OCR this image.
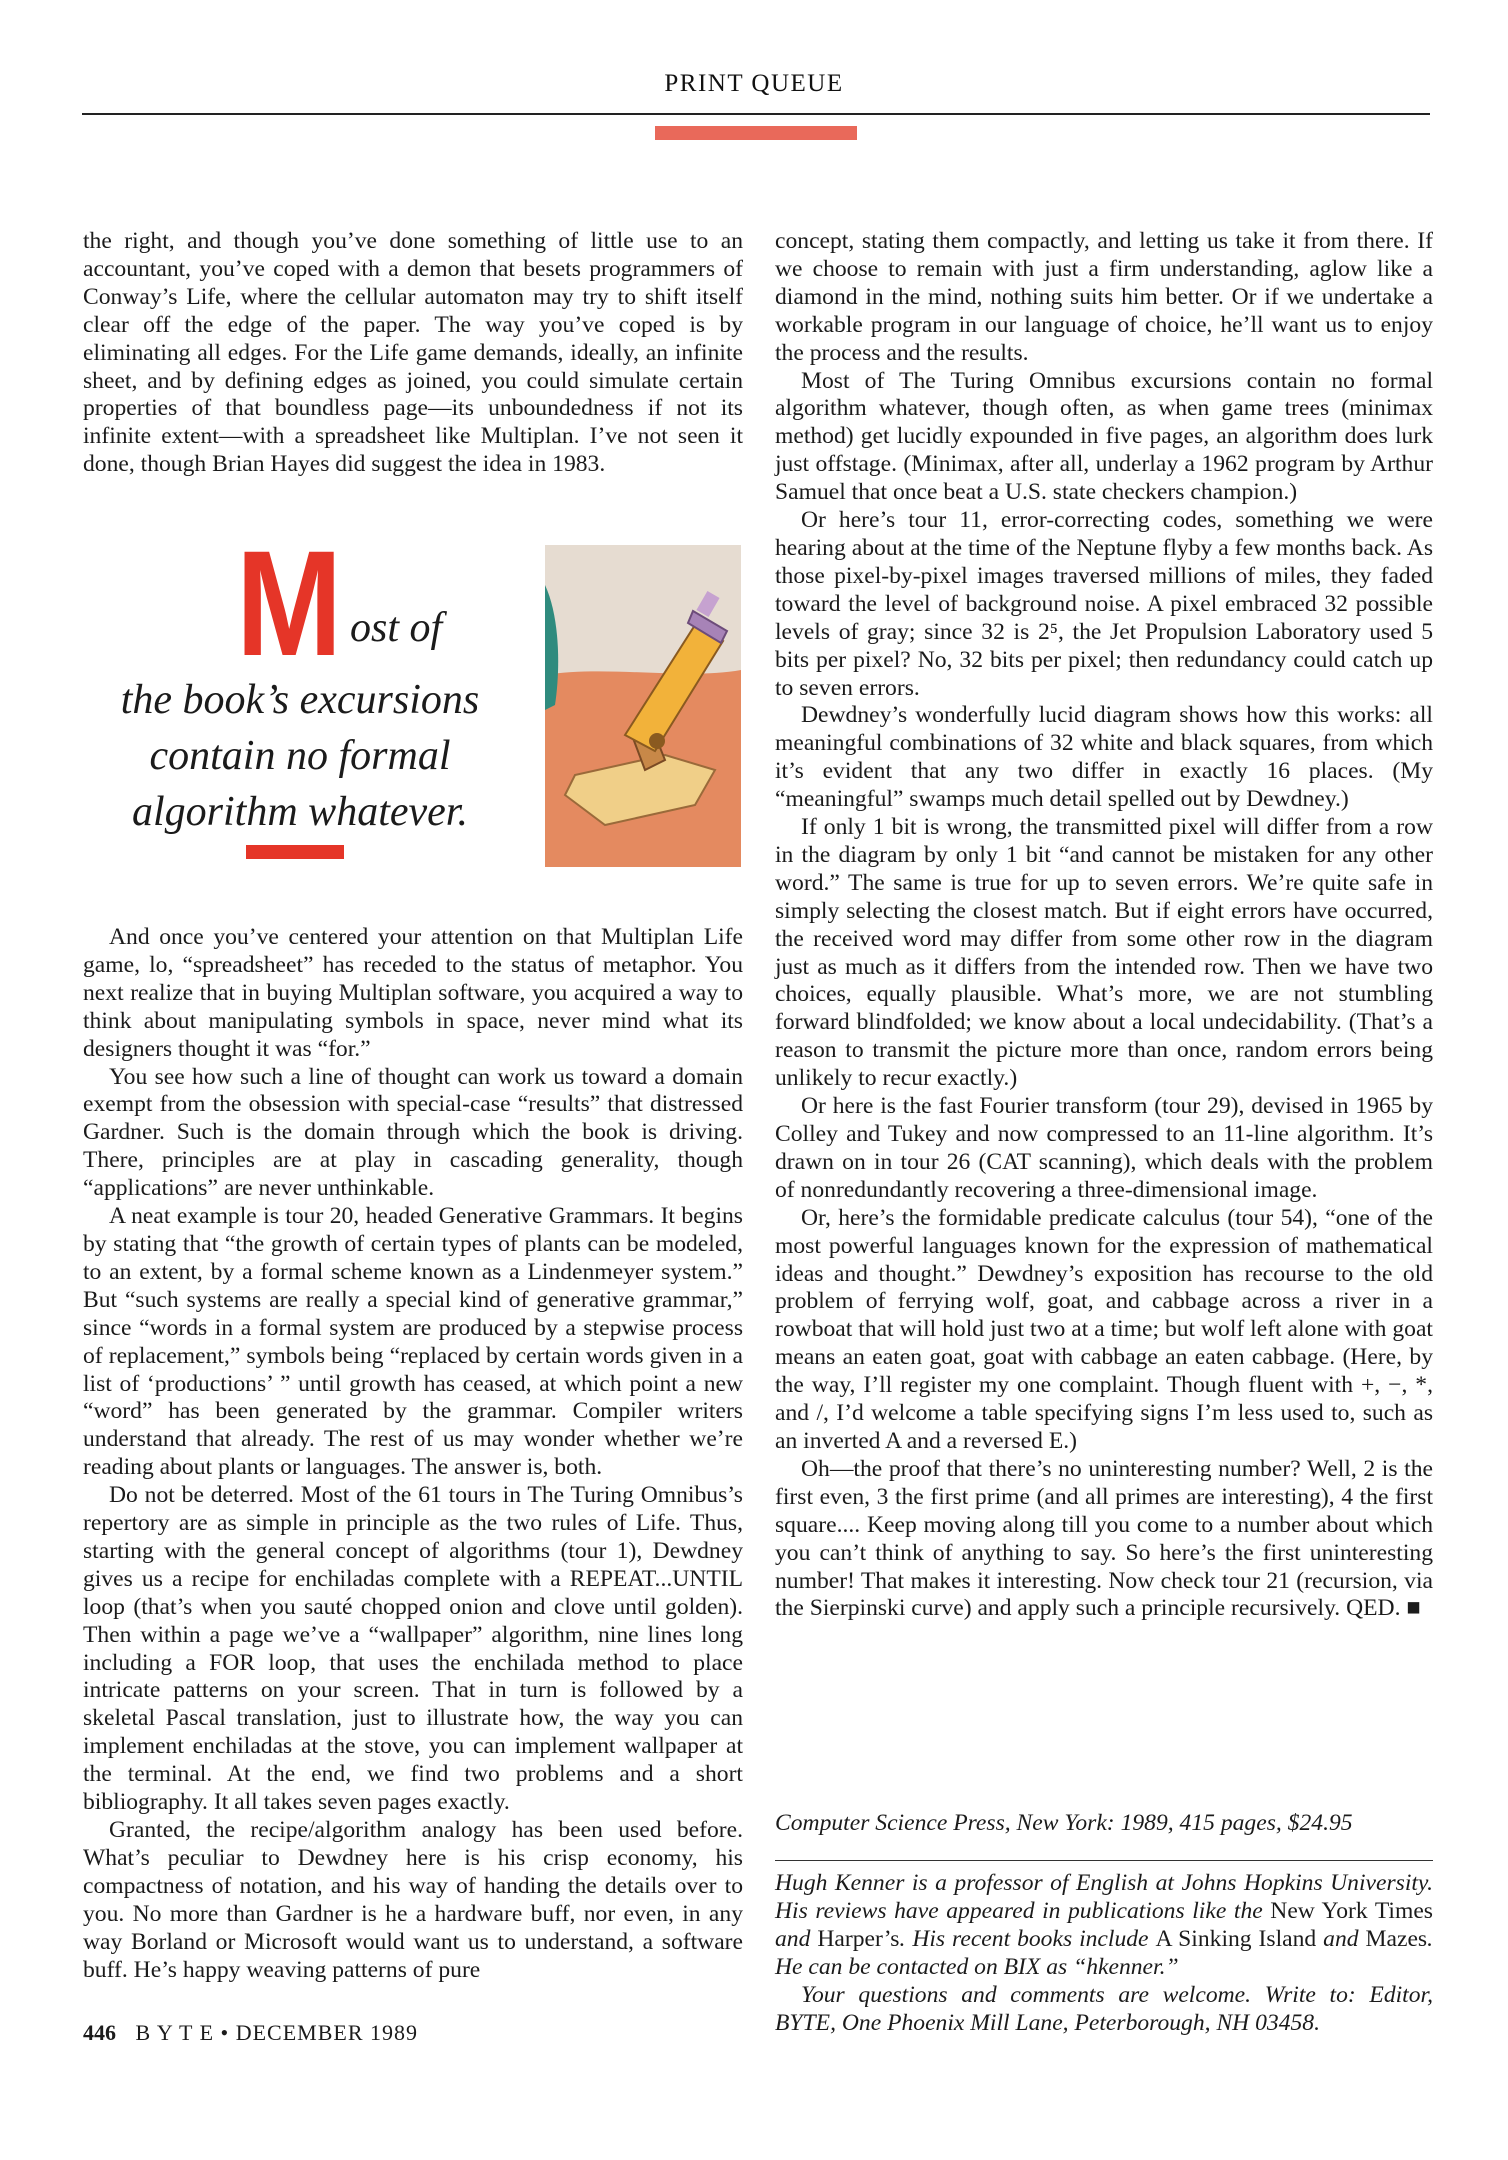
PRINT QUEUE

the right, and though you’ve done something of little use to an accountant, you’ve coped with a demon that besets programmers of Conway’s Life, where the cellular automaton may try to shift itself clear off the edge of the paper. The way you’ve coped is by eliminating all edges. For the Life game demands, ideally, an infinite sheet, and by defining edges as joined, you could simulate certain properties of that boundless page—its unboundedness if not its infinite extent—with a spreadsheet like Multiplan. I’ve not seen it done, though Brian Hayes did suggest the idea in 1983.

M ost of
the book’s excursions
contain no formal
algorithm whatever.

And once you’ve centered your attention on that Multiplan Life game, lo, “spreadsheet” has receded to the status of metaphor. You next realize that in buying Multiplan software, you acquired a way to think about manipulating symbols in space, never mind what its designers thought it was “for.”

You see how such a line of thought can work us toward a domain exempt from the obsession with special-case “results” that distressed Gardner. Such is the domain through which the book is driving. There, principles are at play in cascading generality, though “applications” are never unthinkable.

A neat example is tour 20, headed Generative Grammars. It begins by stating that “the growth of certain types of plants can be modeled, to an extent, by a formal scheme known as a Lindenmeyer system.” But “such systems are really a special kind of generative grammar,” since “words in a formal system are produced by a stepwise process of replacement,” symbols being “replaced by certain words given in a list of ‘productions’ ” until growth has ceased, at which point a new “word” has been generated by the grammar. Compiler writers understand that already. The rest of us may wonder whether we’re reading about plants or languages. The answer is, both.

Do not be deterred. Most of the 61 tours in The Turing Omnibus’s repertory are as simple in principle as the two rules of Life. Thus, starting with the general concept of algorithms (tour 1), Dewdney gives us a recipe for enchiladas complete with a REPEAT...UNTIL loop (that’s when you sauté chopped onion and clove until golden). Then within a page we’ve a “wallpaper” algorithm, nine lines long including a FOR loop, that uses the enchilada method to place intricate patterns on your screen. That in turn is followed by a skeletal Pascal translation, just to illustrate how, the way you can implement enchiladas at the stove, you can implement wallpaper at the terminal. At the end, we find two problems and a short bibliography. It all takes seven pages exactly.

Granted, the recipe/algorithm analogy has been used before. What’s peculiar to Dewdney here is his crisp economy, his compactness of notation, and his way of handing the details over to you. No more than Gardner is he a hardware buff, nor even, in any way Borland or Microsoft would want us to understand, a software buff. He’s happy weaving patterns of pure

concept, stating them compactly, and letting us take it from there. If we choose to remain with just a firm understanding, aglow like a diamond in the mind, nothing suits him better. Or if we undertake a workable program in our language of choice, he’ll want us to enjoy the process and the results.

Most of The Turing Omnibus excursions contain no formal algorithm whatever, though often, as when game trees (minimax method) get lucidly expounded in five pages, an algorithm does lurk just offstage. (Minimax, after all, underlay a 1962 program by Arthur Samuel that once beat a U.S. state checkers champion.)

Or here’s tour 11, error-correcting codes, something we were hearing about at the time of the Neptune flyby a few months back. As those pixel-by-pixel images traversed millions of miles, they faded toward the level of background noise. A pixel embraced 32 possible levels of gray; since 32 is 2⁵, the Jet Propulsion Laboratory used 5 bits per pixel? No, 32 bits per pixel; then redundancy could catch up to seven errors.

Dewdney’s wonderfully lucid diagram shows how this works: all meaningful combinations of 32 white and black squares, from which it’s evident that any two differ in exactly 16 places. (My “meaningful” swamps much detail spelled out by Dewdney.)

If only 1 bit is wrong, the transmitted pixel will differ from a row in the diagram by only 1 bit “and cannot be mistaken for any other word.” The same is true for up to seven errors. We’re quite safe in simply selecting the closest match. But if eight errors have occurred, the received word may differ from some other row in the diagram just as much as it differs from the intended row. Then we have two choices, equally plausible. What’s more, we are not stumbling forward blindfolded; we know about a local undecidability. (That’s a reason to transmit the picture more than once, random errors being unlikely to recur exactly.)

Or here is the fast Fourier transform (tour 29), devised in 1965 by Colley and Tukey and now compressed to an 11-line algorithm. It’s drawn on in tour 26 (CAT scanning), which deals with the problem of nonredundantly recovering a three-dimensional image.

Or, here’s the formidable predicate calculus (tour 54), “one of the most powerful languages known for the expression of mathematical ideas and thought.” Dewdney’s exposition has recourse to the old problem of ferrying wolf, goat, and cabbage across a river in a rowboat that will hold just two at a time; but wolf left alone with goat means an eaten goat, goat with cabbage an eaten cabbage. (Here, by the way, I’ll register my one complaint. Though fluent with +, −, *, and /, I’d welcome a table specifying signs I’m less used to, such as an inverted A and a reversed E.)

Oh—the proof that there’s no uninteresting number? Well, 2 is the first even, 3 the first prime (and all primes are interesting), 4 the first square.... Keep moving along till you come to a number about which you can’t think of anything to say. So here’s the first uninteresting number! That makes it interesting. Now check tour 21 (recursion, via the Sierpinski curve) and apply such a principle recursively. QED. ■

Computer Science Press, New York: 1989, 415 pages, $24.95

Hugh Kenner is a professor of English at Johns Hopkins University. His reviews have appeared in publications like the New York Times and Harper’s. His recent books include A Sinking Island and Mazes. He can be contacted on BIX as “hkenner.”

Your questions and comments are welcome. Write to: Editor, BYTE, One Phoenix Mill Lane, Peterborough, NH 03458.

446 B Y T E • DECEMBER 1989
